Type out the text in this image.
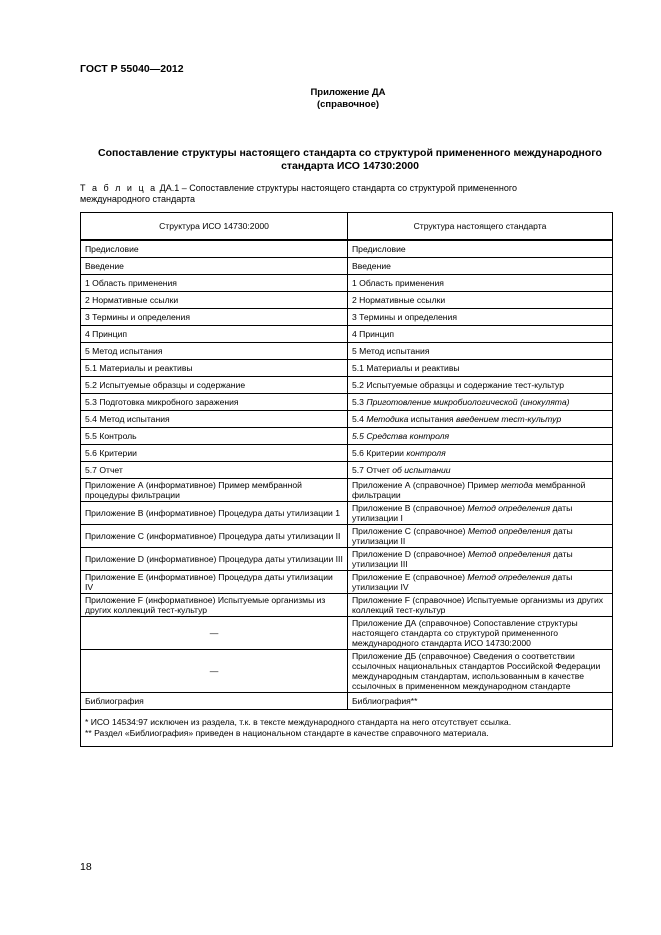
ГОСТ Р 55040—2012
Приложение ДА
(справочное)
Сопоставление структуры настоящего стандарта со структурой примененного международного
стандарта ИСО 14730:2000
Т а б л и ц а ДА.1 – Сопоставление структуры настоящего стандарта со структурой примененного
международного стандарта
Структура ИСО 14730:2000	Структура настоящего стандарта
Предисловие	Предисловие
Введение	Введение
1 Область применения	1 Область применения
2 Нормативные ссылки	2 Нормативные ссылки
3 Термины и определения	3 Термины и определения
4 Принцип	4 Принцип
5 Метод испытания	5 Метод испытания
5.1 Материалы и реактивы	5.1 Материалы и реактивы
5.2 Испытуемые образцы и содержание	5.2 Испытуемые образцы и содержание тест-культур
5.3 Подготовка микробного заражения	5.3 Приготовление микробиологической (инокулята)
5.4 Метод испытания	5.4 Методика испытания введением тест-культур
5.5 Контроль	5.5 Средства контроля
5.6 Критерии	5.6 Критерии контроля
5.7 Отчет	5.7 Отчет об испытании
Приложение А (информативное) Пример мембранной процедуры фильтрации	Приложение А (справочное) Пример метода мембранной фильтрации
Приложение В (информативное) Процедура даты утилизации 1	Приложение В (справочное) Метод определения даты утилизации I
Приложение С (информативное) Процедура даты утилизации II	Приложение С (справочное) Метод определения даты утилизации II
Приложение D (информативное) Процедура даты утилизации III	Приложение D (справочное) Метод определения даты утилизации III
Приложение Е (информативное) Процедура даты утилизации IV	Приложение Е (справочное) Метод определения даты утилизации IV
Приложение F (информативное) Испытуемые организмы из других коллекций тест-культур	Приложение F (справочное) Испытуемые организмы из других коллекций тест-культур
—	Приложение ДА (справочное) Сопоставление структуры настоящего стандарта со структурой примененного международного стандарта ИСО 14730:2000
—	Приложение ДБ (справочное) Сведения о соответствии ссылочных национальных стандартов Российской Федерации международным стандартам, использованным в качестве ссылочных в примененном международном стандарте
Библиография	Библиография**

* ИСО 14534:97 исключен из раздела, т.к. в тексте международного стандарта на него отсутствует ссылка.
** Раздел «Библиография» приведен в национальном стандарте в качестве справочного материала.	
18
